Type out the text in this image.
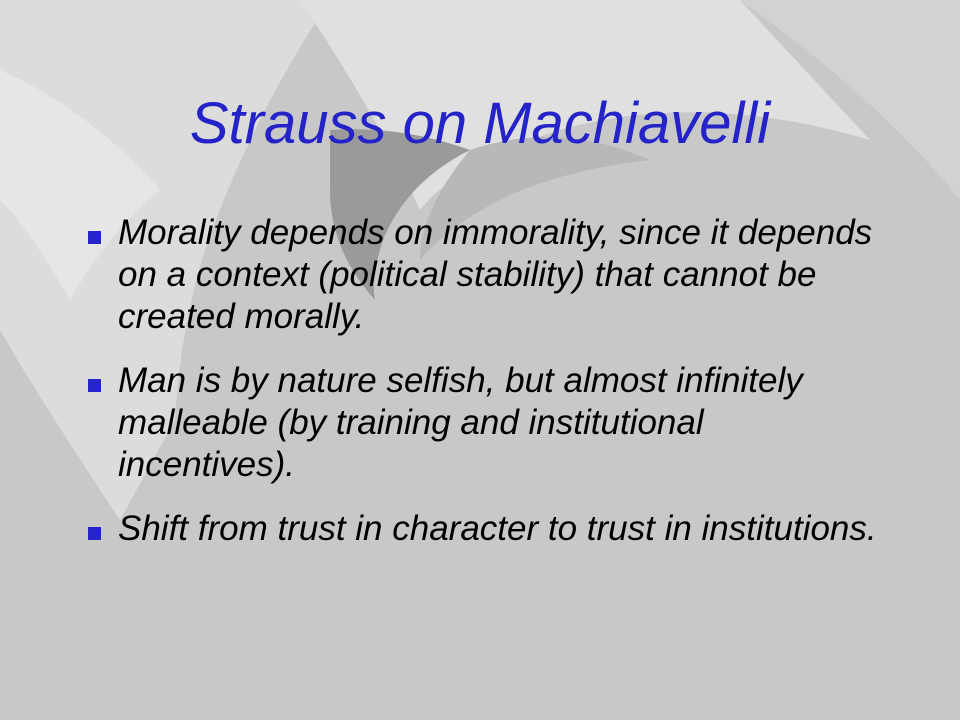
Strauss on Machiavelli
Morality depends on immorality, since it depends on a context (political stability) that cannot be created morally.
Man is by nature selfish, but almost infinitely malleable (by training and institutional incentives).
Shift from trust in character to trust in institutions.
